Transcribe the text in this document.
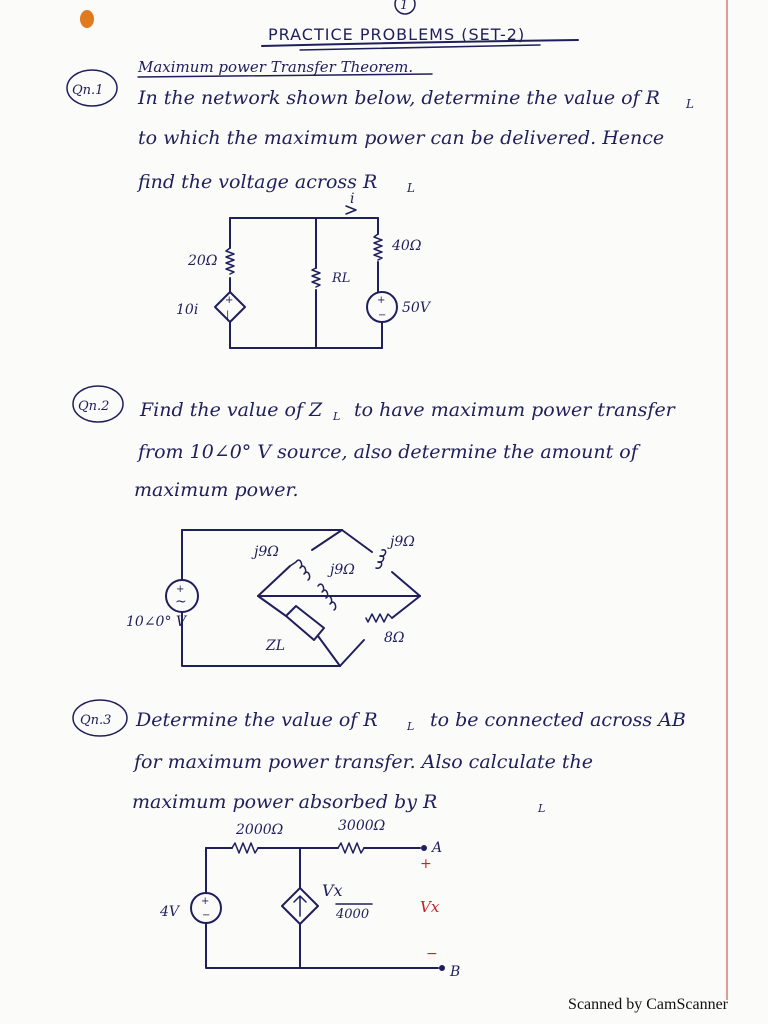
1
PRACTICE PROBLEMS (SET-2)
Maximum power Transfer Theorem.
Qn.1 In the network shown below, determine the value of R L
to which the maximum power can be delivered. Hence
find the voltage across R L
+
|
+
−
i
20Ω
10i
RL
40Ω
50V
Qn.2 Find the value of Z L to have maximum power transfer
from 10∠0° V source, also determine the amount of
maximum power.
+
~
10∠0° V
j9Ω
j9Ω
j9Ω
8Ω
ZL
Qn.3 Determine the value of R	L to be connected across AB
for maximum power transfer. Also calculate the
maximum power absorbed by R	L
+
−
2000Ω	3000Ω
4V
Vx
4000
A
B
+
Vx
−
Scanned by CamScanner
